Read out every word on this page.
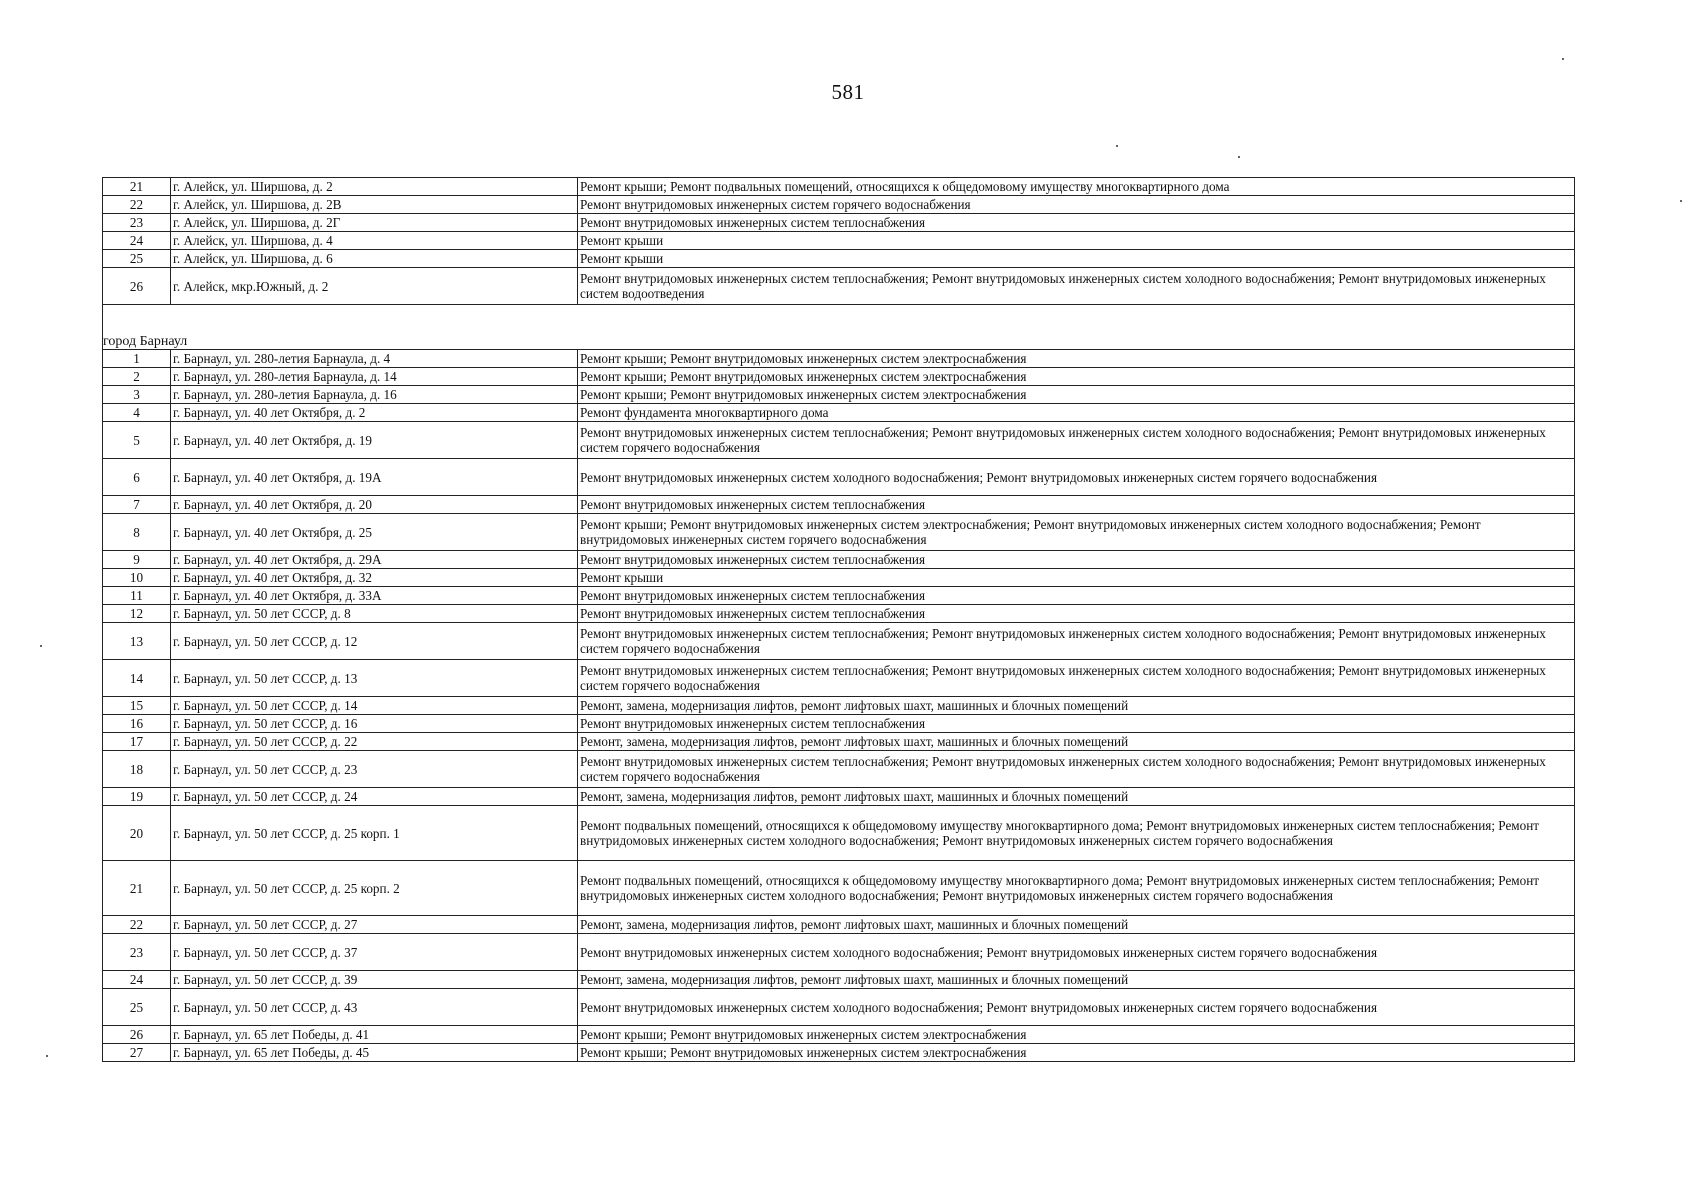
581
21	г. Алейск, ул. Ширшова, д. 2	Ремонт крыши; Ремонт подвальных помещений, относящихся к общедомовому имуществу многоквартирного дома
22	г. Алейск, ул. Ширшова, д. 2В	Ремонт внутридомовых инженерных систем горячего водоснабжения
23	г. Алейск, ул. Ширшова, д. 2Г	Ремонт внутридомовых инженерных систем теплоснабжения
24	г. Алейск, ул. Ширшова, д. 4	Ремонт крыши
25	г. Алейск, ул. Ширшова, д. 6	Ремонт крыши
26	г. Алейск, мкр.Южный, д. 2	Ремонт внутридомовых инженерных систем теплоснабжения; Ремонт внутридомовых инженерных систем холодного водоснабжения; Ремонт внутридомовых инженерных систем водоотведения

город Барнаул		
1	г. Барнаул, ул. 280-летия Барнаула, д. 4	Ремонт крыши; Ремонт внутридомовых инженерных систем электроснабжения
2	г. Барнаул, ул. 280-летия Барнаула, д. 14	Ремонт крыши; Ремонт внутридомовых инженерных систем электроснабжения
3	г. Барнаул, ул. 280-летия Барнаула, д. 16	Ремонт крыши; Ремонт внутридомовых инженерных систем электроснабжения
4	г. Барнаул, ул. 40 лет Октября, д. 2	Ремонт фундамента многоквартирного дома
5	г. Барнаул, ул. 40 лет Октября, д. 19	Ремонт внутридомовых инженерных систем теплоснабжения; Ремонт внутридомовых инженерных систем холодного водоснабжения; Ремонт внутридомовых инженерных систем горячего водоснабжения
6	г. Барнаул, ул. 40 лет Октября, д. 19А	Ремонт внутридомовых инженерных систем холодного водоснабжения; Ремонт внутридомовых инженерных систем горячего водоснабжения
7	г. Барнаул, ул. 40 лет Октября, д. 20	Ремонт внутридомовых инженерных систем теплоснабжения
8	г. Барнаул, ул. 40 лет Октября, д. 25	Ремонт крыши; Ремонт внутридомовых инженерных систем электроснабжения; Ремонт внутридомовых инженерных систем холодного водоснабжения; Ремонт внутридомовых инженерных систем горячего водоснабжения
9	г. Барнаул, ул. 40 лет Октября, д. 29А	Ремонт внутридомовых инженерных систем теплоснабжения
10	г. Барнаул, ул. 40 лет Октября, д. 32	Ремонт крыши
11	г. Барнаул, ул. 40 лет Октября, д. 33А	Ремонт внутридомовых инженерных систем теплоснабжения
12	г. Барнаул, ул. 50 лет СССР, д. 8	Ремонт внутридомовых инженерных систем теплоснабжения
13	г. Барнаул, ул. 50 лет СССР, д. 12	Ремонт внутридомовых инженерных систем теплоснабжения; Ремонт внутридомовых инженерных систем холодного водоснабжения; Ремонт внутридомовых инженерных систем горячего водоснабжения
14	г. Барнаул, ул. 50 лет СССР, д. 13	Ремонт внутридомовых инженерных систем теплоснабжения; Ремонт внутридомовых инженерных систем холодного водоснабжения; Ремонт внутридомовых инженерных систем горячего водоснабжения
15	г. Барнаул, ул. 50 лет СССР, д. 14	Ремонт, замена, модернизация лифтов, ремонт лифтовых шахт, машинных и блочных помещений
16	г. Барнаул, ул. 50 лет СССР, д. 16	Ремонт внутридомовых инженерных систем теплоснабжения
17	г. Барнаул, ул. 50 лет СССР, д. 22	Ремонт, замена, модернизация лифтов, ремонт лифтовых шахт, машинных и блочных помещений
18	г. Барнаул, ул. 50 лет СССР, д. 23	Ремонт внутридомовых инженерных систем теплоснабжения; Ремонт внутридомовых инженерных систем холодного водоснабжения; Ремонт внутридомовых инженерных систем горячего водоснабжения
19	г. Барнаул, ул. 50 лет СССР, д. 24	Ремонт, замена, модернизация лифтов, ремонт лифтовых шахт, машинных и блочных помещений
20	г. Барнаул, ул. 50 лет СССР, д. 25 корп. 1	Ремонт подвальных помещений, относящихся к общедомовому имуществу многоквартирного дома; Ремонт внутридомовых инженерных систем теплоснабжения; Ремонт внутридомовых инженерных систем холодного водоснабжения; Ремонт внутридомовых инженерных систем горячего водоснабжения
21	г. Барнаул, ул. 50 лет СССР, д. 25 корп. 2	Ремонт подвальных помещений, относящихся к общедомовому имуществу многоквартирного дома; Ремонт внутридомовых инженерных систем теплоснабжения; Ремонт внутридомовых инженерных систем холодного водоснабжения; Ремонт внутридомовых инженерных систем горячего водоснабжения
22	г. Барнаул, ул. 50 лет СССР, д. 27	Ремонт, замена, модернизация лифтов, ремонт лифтовых шахт, машинных и блочных помещений
23	г. Барнаул, ул. 50 лет СССР, д. 37	Ремонт внутридомовых инженерных систем холодного водоснабжения; Ремонт внутридомовых инженерных систем горячего водоснабжения
24	г. Барнаул, ул. 50 лет СССР, д. 39	Ремонт, замена, модернизация лифтов, ремонт лифтовых шахт, машинных и блочных помещений
25	г. Барнаул, ул. 50 лет СССР, д. 43	Ремонт внутридомовых инженерных систем холодного водоснабжения; Ремонт внутридомовых инженерных систем горячего водоснабжения
26	г. Барнаул, ул. 65 лет Победы, д. 41	Ремонт крыши; Ремонт внутридомовых инженерных систем электроснабжения
27	г. Барнаул, ул. 65 лет Победы, д. 45	Ремонт крыши; Ремонт внутридомовых инженерных систем электроснабжения
